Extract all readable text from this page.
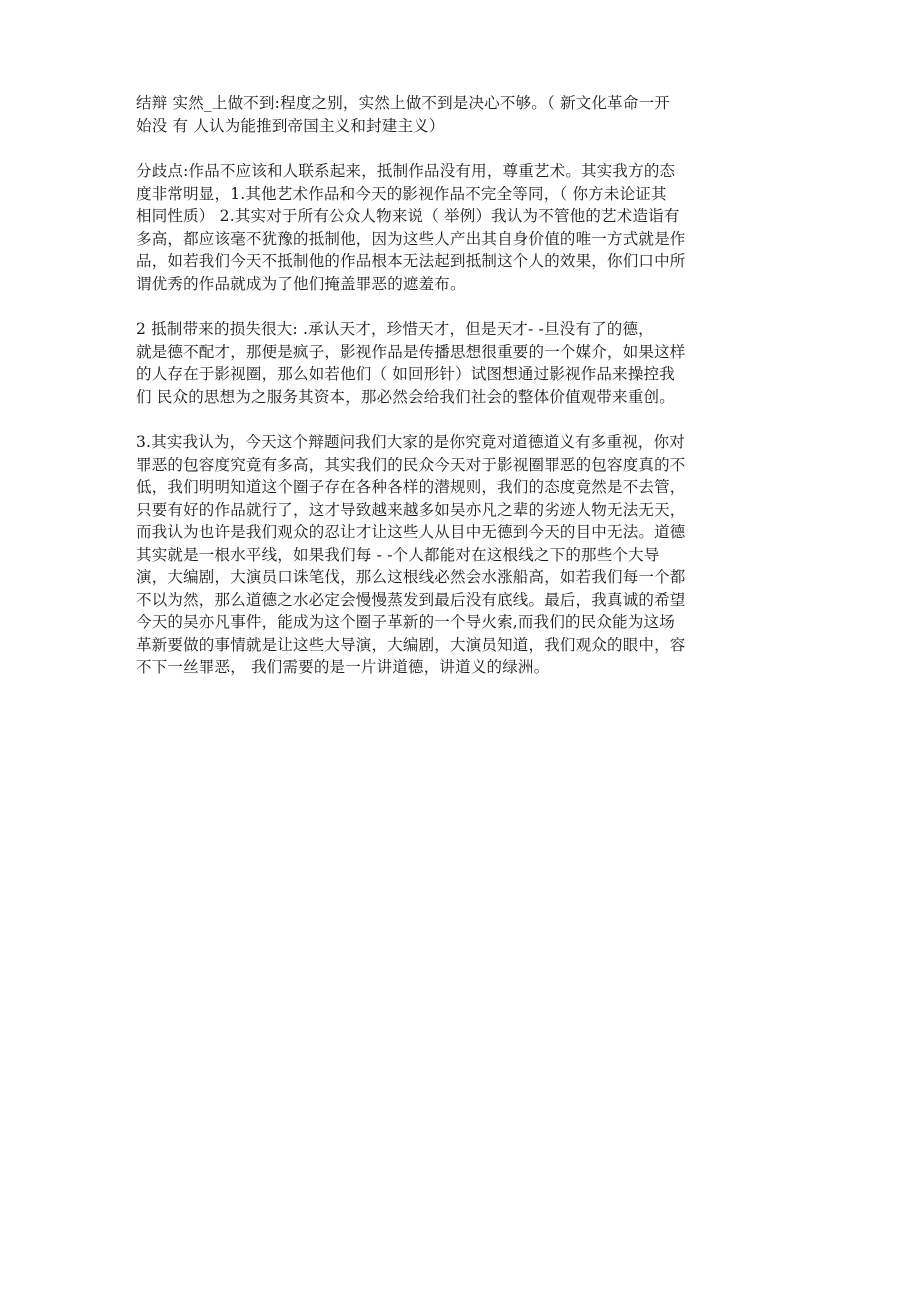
结辩 实然_上做不到:程度之别，实然上做不到是决心不够。（ 新文化革命一开
始没 有 人认为能推到帝国主义和封建主义）

分歧点:作品不应该和人联系起来，抵制作品没有用，尊重艺术。其实我方的态
度非常明显，1.其他艺术作品和今天的影视作品不完全等同，（ 你方未论证其
相同性质） 2.其实对于所有公众人物来说（ 举例）我认为不管他的艺术造诣有
多高，都应该毫不犹豫的抵制他，因为这些人产出其自身价值的唯一方式就是作
品，如若我们今天不抵制他的作品根本无法起到抵制这个人的效果，你们口中所
谓优秀的作品就成为了他们掩盖罪恶的遮羞布。

2 抵制带来的损失很大: .承认天才，珍惜天才，但是天才- -旦没有了的德，
就是德不配才，那便是疯子，影视作品是传播思想很重要的一个媒介，如果这样
的人存在于影视圈，那么如若他们（ 如回形针）试图想通过影视作品来操控我
们 民众的思想为之服务其资本，那必然会给我们社会的整体价值观带来重创。

3.其实我认为，今天这个辩题问我们大家的是你究竟对道德道义有多重视，你对
罪恶的包容度究竟有多高，其实我们的民众今天对于影视圈罪恶的包容度真的不
低，我们明明知道这个圈子存在各种各样的潜规则，我们的态度竟然是不去管，
只要有好的作品就行了，这才导致越来越多如吴亦凡之辈的劣迹人物无法无天，
而我认为也许是我们观众的忍让才让这些人从目中无德到今天的目中无法。道德
其实就是一根水平线，如果我们每 - -个人都能对在这根线之下的那些个大导
演，大编剧，大演员口诛笔伐，那么这根线必然会水涨船高，如若我们每一个都
不以为然，那么道德之水必定会慢慢蒸发到最后没有底线。最后，我真诚的希望
今天的吴亦凡事件，能成为这个圈子革新的一个导火索,而我们的民众能为这场
革新要做的事情就是让这些大导演，大编剧，大演员知道，我们观众的眼中，容
不下一丝罪恶， 我们需要的是一片讲道德，讲道义的绿洲。
